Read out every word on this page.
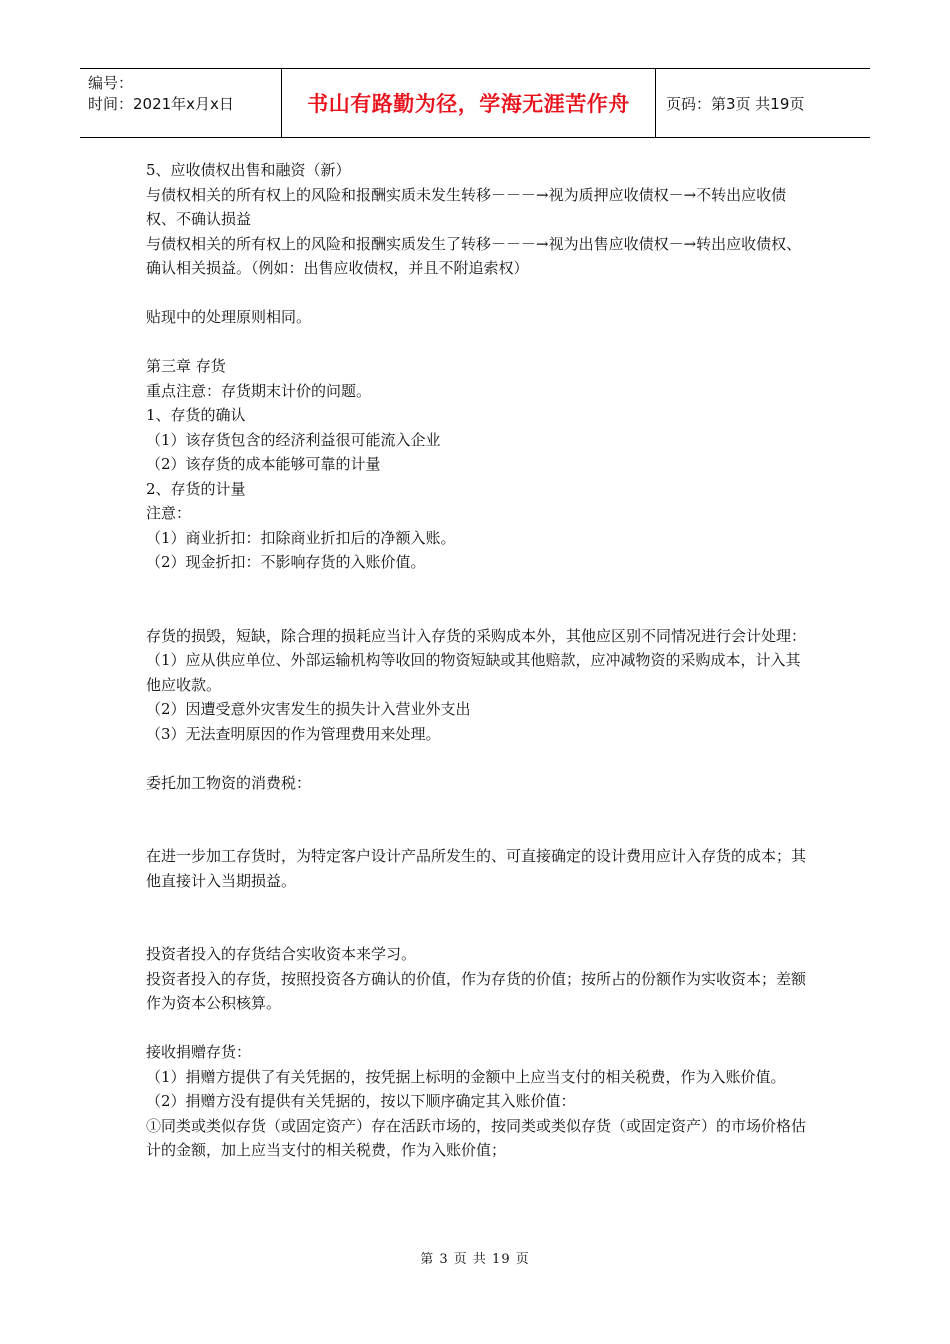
编号：
时间：2021年x月x日	书山有路勤为径，学海无涯苦作舟	页码：第3页 共19页

5、应收债权出售和融资（新）

与债权相关的所有权上的风险和报酬实质未发生转移－－－→视为质押应收债权－→不转出应收债权、不确认损益

与债权相关的所有权上的风险和报酬实质发生了转移－－－→视为出售应收债权－→转出应收债权、确认相关损益。（例如：出售应收债权，并且不附追索权）

贴现中的处理原则相同。

第三章 存货

重点注意：存货期末计价的问题。

1、存货的确认

（1）该存货包含的经济利益很可能流入企业

（2）该存货的成本能够可靠的计量

2、存货的计量

注意：

（1）商业折扣：扣除商业折扣后的净额入账。

（2）现金折扣：不影响存货的入账价值。

存货的损毁，短缺，除合理的损耗应当计入存货的采购成本外，其他应区别不同情况进行会计处理：

（1）应从供应单位、外部运输机构等收回的物资短缺或其他赔款，应冲减物资的采购成本，计入其他应收款。

（2）因遭受意外灾害发生的损失计入营业外支出

（3）无法查明原因的作为管理费用来处理。

委托加工物资的消费税：

在进一步加工存货时，为特定客户设计产品所发生的、可直接确定的设计费用应计入存货的成本；其他直接计入当期损益。

投资者投入的存货结合实收资本来学习。

投资者投入的存货，按照投资各方确认的价值，作为存货的价值；按所占的份额作为实收资本；差额作为资本公积核算。

接收捐赠存货：

（1）捐赠方提供了有关凭据的，按凭据上标明的金额中上应当支付的相关税费，作为入账价值。

（2）捐赠方没有提供有关凭据的，按以下顺序确定其入账价值：

①同类或类似存货（或固定资产）存在活跃市场的，按同类或类似存货（或固定资产）的市场价格估计的金额，加上应当支付的相关税费，作为入账价值；

第 3 页 共 19 页
